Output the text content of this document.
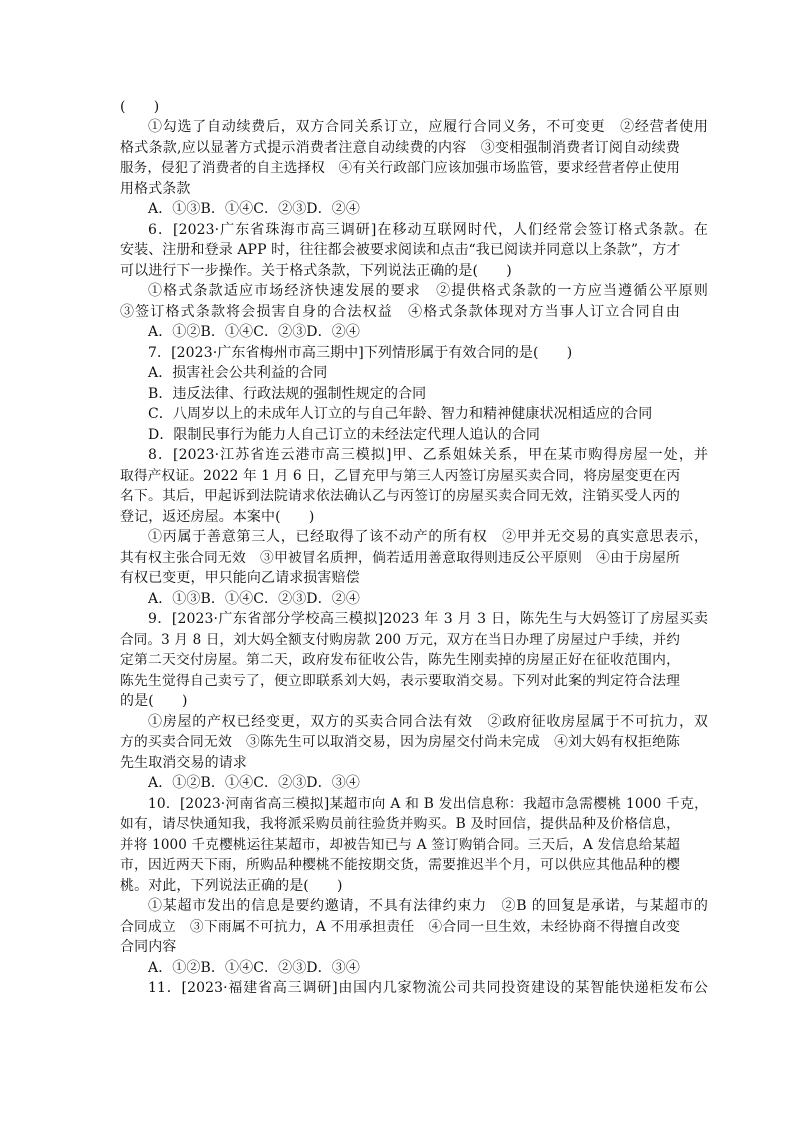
(　　)
①勾选了自动续费后，双方合同关系订立，应履行合同义务，不可变更　②经营者使用
格式条款,应以显著方式提示消费者注意自动续费的内容　③变相强制消费者订阅自动续费
服务，侵犯了消费者的自主选择权　④有关行政部门应该加强市场监管，要求经营者停止使用
用格式条款
A．①③B．①④C．②③D．②④
6．[2023·广东省珠海市高三调研]在移动互联网时代，人们经常会签订格式条款。在
安装、注册和登录 APP 时，往往都会被要求阅读和点击“我已阅读并同意以上条款”，方才
可以进行下一步操作。关于格式条款，下列说法正确的是(　　)
①格式条款适应市场经济快速发展的要求　②提供格式条款的一方应当遵循公平原则
③签订格式条款将会损害自身的合法权益　④格式条款体现对方当事人订立合同自由
A．①②B．①④C．②③D．②④
7．[2023·广东省梅州市高三期中]下列情形属于有效合同的是(　　)
A．损害社会公共利益的合同
B．违反法律、行政法规的强制性规定的合同
C．八周岁以上的未成年人订立的与自己年龄、智力和精神健康状况相适应的合同
D．限制民事行为能力人自己订立的未经法定代理人追认的合同
8．[2023·江苏省连云港市高三模拟]甲、乙系姐妹关系，甲在某市购得房屋一处，并
取得产权证。2022 年 1 月 6 日，乙冒充甲与第三人丙签订房屋买卖合同，将房屋变更在丙
名下。其后，甲起诉到法院请求依法确认乙与丙签订的房屋买卖合同无效，注销买受人丙的
登记，返还房屋。本案中(　　)
①丙属于善意第三人，已经取得了该不动产的所有权　②甲并无交易的真实意思表示，
其有权主张合同无效　③甲被冒名质押，倘若适用善意取得则违反公平原则　④由于房屋所
有权已变更，甲只能向乙请求损害赔偿
A．①③B．①④C．②③D．②④
9．[2023·广东省部分学校高三模拟]2023 年 3 月 3 日，陈先生与大妈签订了房屋买卖
合同。3 月 8 日，刘大妈全额支付购房款 200 万元，双方在当日办理了房屋过户手续，并约
定第二天交付房屋。第二天，政府发布征收公告，陈先生刚卖掉的房屋正好在征收范围内，
陈先生觉得自己卖亏了，便立即联系刘大妈，表示要取消交易。下列对此案的判定符合法理
的是(　　)
①房屋的产权已经变更，双方的买卖合同合法有效　②政府征收房屋属于不可抗力，双
方的买卖合同无效　③陈先生可以取消交易，因为房屋交付尚未完成　④刘大妈有权拒绝陈
先生取消交易的请求
A．①②B．①④C．②③D．③④
10．[2023·河南省高三模拟]某超市向 A 和 B 发出信息称：我超市急需樱桃 1000 千克，
如有，请尽快通知我，我将派采购员前往验货并购买。B 及时回信，提供品种及价格信息，
并将 1000 千克樱桃运往某超市，却被告知已与 A 签订购销合同。三天后，A 发信息给某超
市，因近两天下雨，所购品种樱桃不能按期交货，需要推迟半个月，可以供应其他品种的樱
桃。对此，下列说法正确的是(　　)
①某超市发出的信息是要约邀请，不具有法律约束力　②B 的回复是承诺，与某超市的
合同成立　③下雨属不可抗力，A 不用承担责任　④合同一旦生效，未经协商不得擅自改变
合同内容
A．①②B．①④C．②③D．③④
11．[2023·福建省高三调研]由国内几家物流公司共同投资建设的某智能快递柜发布公
